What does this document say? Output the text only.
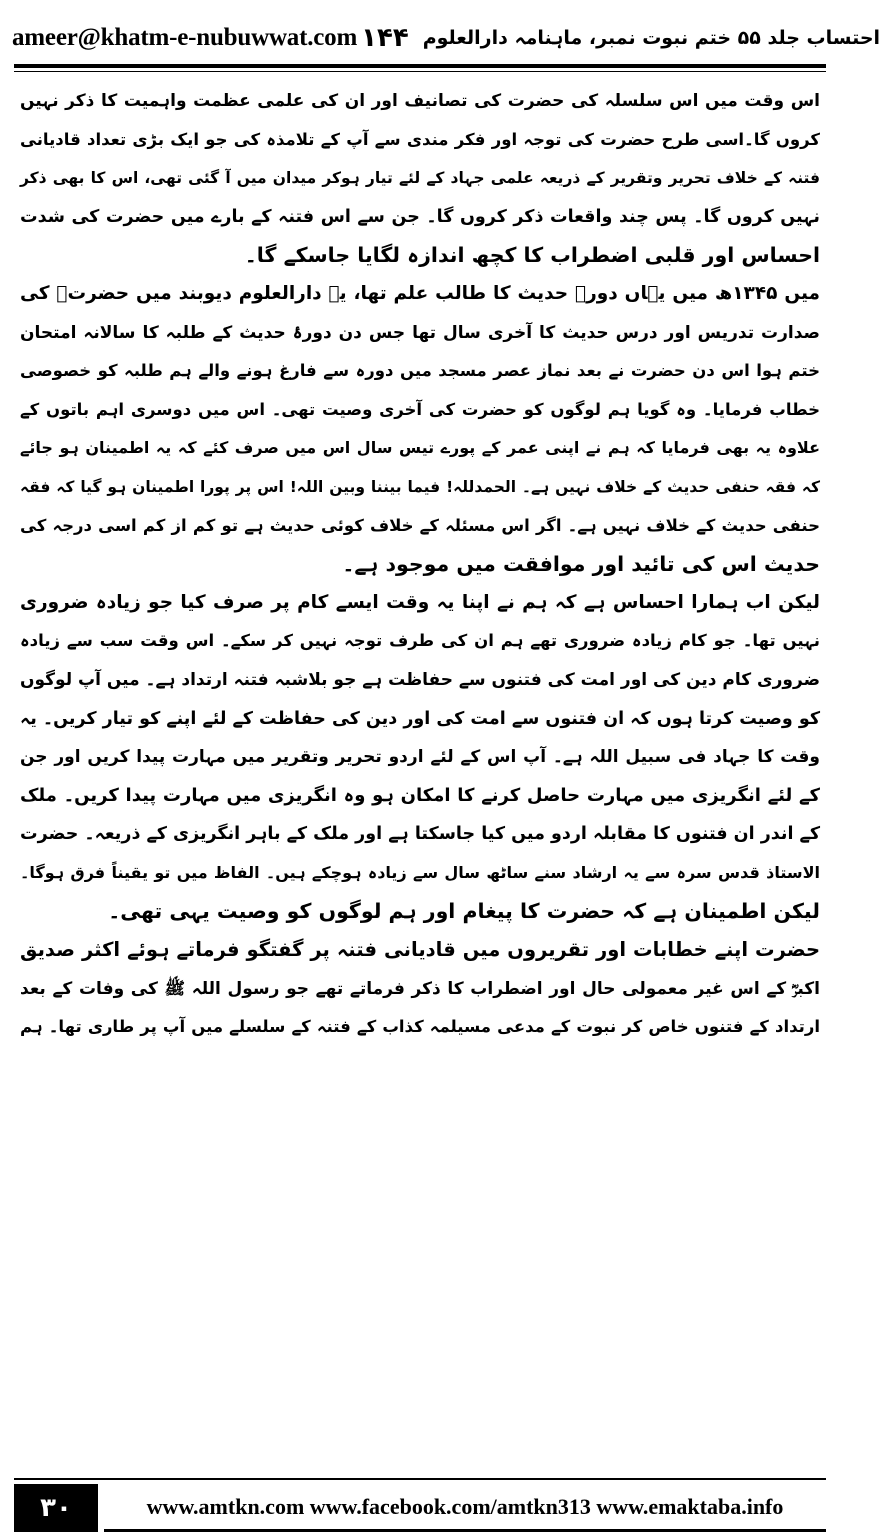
ameer@khatm-e-nubuwwat.com	احتساب جلد ۵۵ ختم نبوت نمبر، ماہنامہ دارالعلوم
۱۴۴
اس وقت میں اس سلسلہ کی حضرت کی تصانیف اور ان کی علمی عظمت واہمیت کا ذکر نہیں
کروں گا۔اسی طرح حضرت کی توجہ اور فکر مندی سے آپ کے تلامذہ کی جو ایک بڑی تعداد قادیانی
فتنہ کے خلاف تحریر وتقریر کے ذریعہ علمی جہاد کے لئے تیار ہوکر میدان میں آ گئی تھی، اس کا بھی ذکر
نہیں کروں گا۔ پس چند واقعات ذکر کروں گا۔ جن سے اس فتنہ کے بارے میں حضرت کی شدت
احساس اور قلبی اضطراب کا کچھ اندازہ لگایا جاسکے گا۔
میں ۱۳۴۵ھ میں یہاں دورۂ حدیث کا طالب علم تھا، یہ دارالعلوم دیوبند میں حضرتؒ کی
صدارت تدریس اور درس حدیث کا آخری سال تھا جس دن دورۂ حدیث کے طلبہ کا سالانہ امتحان
ختم ہوا اس دن حضرت نے بعد نماز عصر مسجد میں دورہ سے فارغ ہونے والے ہم طلبہ کو خصوصی
خطاب فرمایا۔ وہ گویا ہم لوگوں کو حضرت کی آخری وصیت تھی۔ اس میں دوسری اہم باتوں کے
علاوہ یہ بھی فرمایا کہ ہم نے اپنی عمر کے پورے تیس سال اس میں صرف کئے کہ یہ اطمینان ہو جائے
کہ فقہ حنفی حدیث کے خلاف نہیں ہے۔ الحمدللہ! فیما بیننا وبین اللہ! اس پر پورا اطمینان ہو گیا کہ فقہ
حنفی حدیث کے خلاف نہیں ہے۔ اگر اس مسئلہ کے خلاف کوئی حدیث ہے تو کم از کم اسی درجہ کی
حدیث اس کی تائید اور موافقت میں موجود ہے۔
لیکن اب ہمارا احساس ہے کہ ہم نے اپنا یہ وقت ایسے کام پر صرف کیا جو زیادہ ضروری
نہیں تھا۔ جو کام زیادہ ضروری تھے ہم ان کی طرف توجہ نہیں کر سکے۔ اس وقت سب سے زیادہ
ضروری کام دین کی اور امت کی فتنوں سے حفاظت ہے جو بلاشبہ فتنہ ارتداد ہے۔ میں آپ لوگوں
کو وصیت کرتا ہوں کہ ان فتنوں سے امت کی اور دین کی حفاظت کے لئے اپنے کو تیار کریں۔ یہ
وقت کا جہاد فی سبیل اللہ ہے۔ آپ اس کے لئے اردو تحریر وتقریر میں مہارت پیدا کریں اور جن
کے لئے انگریزی میں مہارت حاصل کرنے کا امکان ہو وہ انگریزی میں مہارت پیدا کریں۔ ملک
کے اندر ان فتنوں کا مقابلہ اردو میں کیا جاسکتا ہے اور ملک کے باہر انگریزی کے ذریعہ۔ حضرت
الاستاذ قدس سرہ سے یہ ارشاد سنے ساٹھ سال سے زیادہ ہوچکے ہیں۔ الفاظ میں تو یقیناً فرق ہوگا۔
لیکن اطمینان ہے کہ حضرت کا پیغام اور ہم لوگوں کو وصیت یہی تھی۔
حضرت اپنے خطابات اور تقریروں میں قادیانی فتنہ پر گفتگو فرماتے ہوئے اکثر صدیق
اکبرؓ کے اس غیر معمولی حال اور اضطراب کا ذکر فرماتے تھے جو رسول اللہ ﷺ کی وفات کے بعد
ارتداد کے فتنوں خاص کر نبوت کے مدعی مسیلمہ کذاب کے فتنہ کے سلسلے میں آپ پر طاری تھا۔ ہم
۳۰	www.amtkn.com www.facebook.com/amtkn313 www.emaktaba.info
